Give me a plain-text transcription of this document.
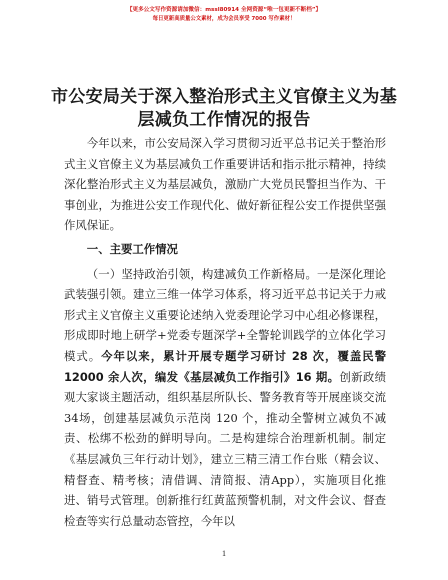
【更多公文写作资源请加微信：mssl80914 全网资源“唯一包更新不断档”】
每日更新高质量公文素材，成为会员享受 7000 写作素材！
市公安局关于深入整治形式主义官僚主义为基
层减负工作情况的报告

今年以来，市公安局深入学习贯彻习近平总书记关于整治形式主义官僚主义为基层减负工作重要讲话和指示批示精神，持续深化整治形式主义为基层减负，激励广大党员民警担当作为、干事创业，为推进公安工作现代化、做好新征程公安工作提供坚强作风保证。

一、主要工作情况

（一）坚持政治引领，构建减负工作新格局。一是深化理论武装强引领。建立三维一体学习体系，将习近平总书记关于力戒形式主义官僚主义重要论述纳入党委理论学习中心组必修课程，形成即时地上研学+党委专题深学+全警轮训践学的立体化学习模式。今年以来，累计开展专题学习研讨 28 次，覆盖民警 12000 余人次，编发《基层减负工作指引》16 期。创新政绩观大家谈主题活动，组织基层所队长、警务教育等开展座谈交流 34场，创建基层减负示范岗 120 个，推动全警树立减负不减责、松绑不松劲的鲜明导向。二是构建综合治理新机制。制定《基层减负三年行动计划》，建立三精三清工作台账（精会议、精督查、精考核；清借调、清简报、清App），实施项目化推进、销号式管理。创新推行红黄蓝预警机制，对文件会议、督查检查等实行总量动态管控，今年以

1
